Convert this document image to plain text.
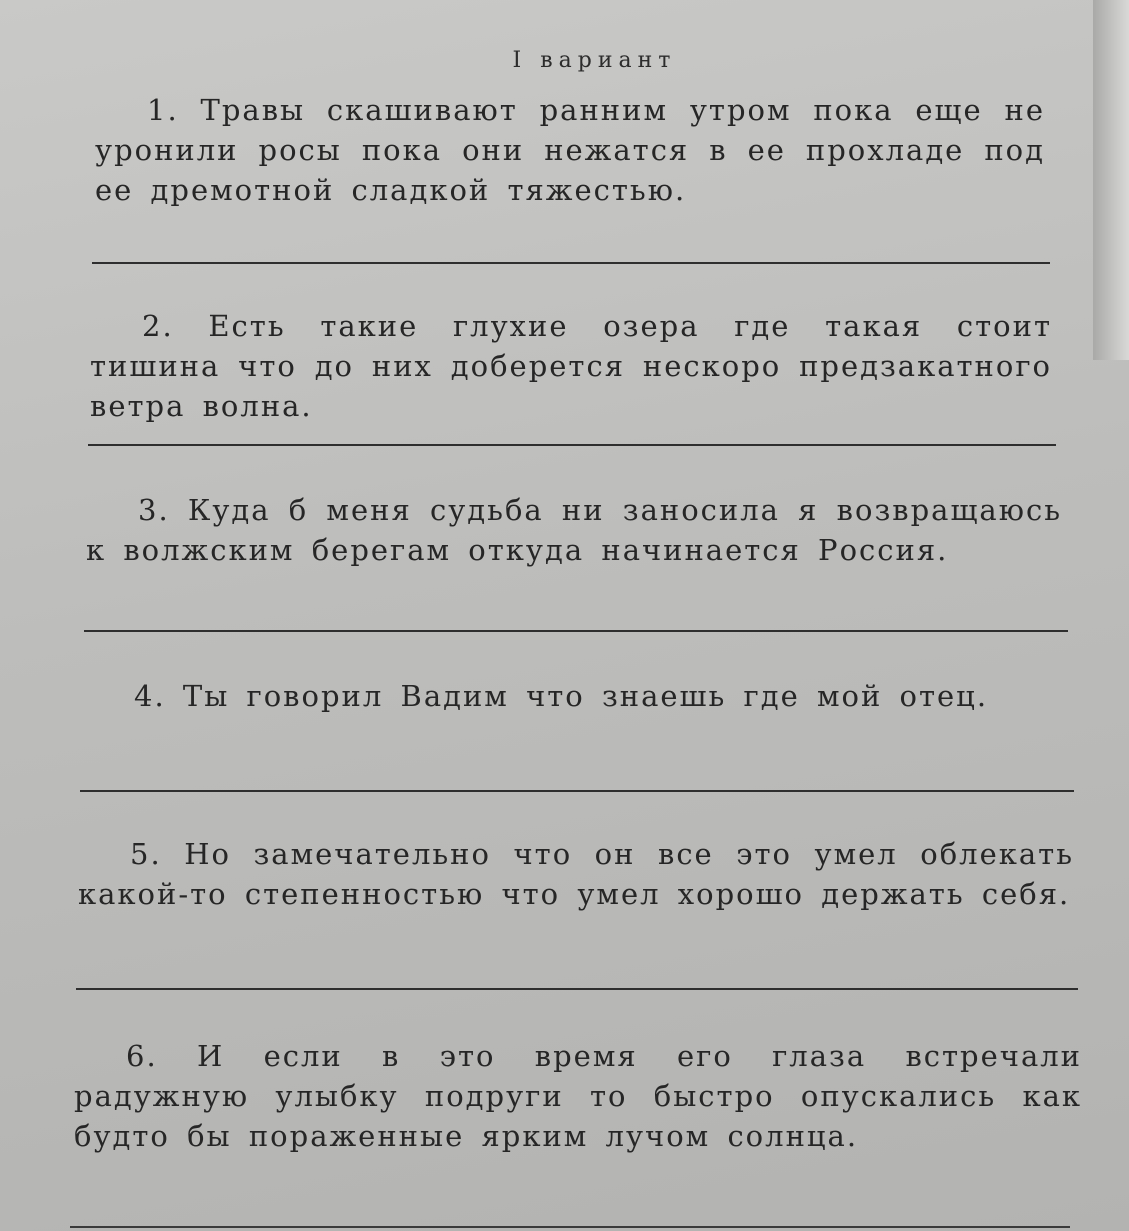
I вариант
1. Травы скашивают ранним утром пока еще не уронили росы пока они нежатся в ее прохладе под ее дремотной сладкой тяжестью.
2. Есть такие глухие озера где такая стоит тишина что до них доберется нескоро предзакатного ветра волна.
3. Куда б меня судьба ни заносила я возвращаюсь к волжским берегам откуда начинается Россия.
4. Ты говорил Вадим что знаешь где мой отец.
5. Но замечательно что он все это умел облекать какой-то степенностью что умел хорошо держать себя.
6. И если в это время его глаза встречали радужную улыбку подруги то быстро опускались как будто бы пораженные ярким лучом солнца.
